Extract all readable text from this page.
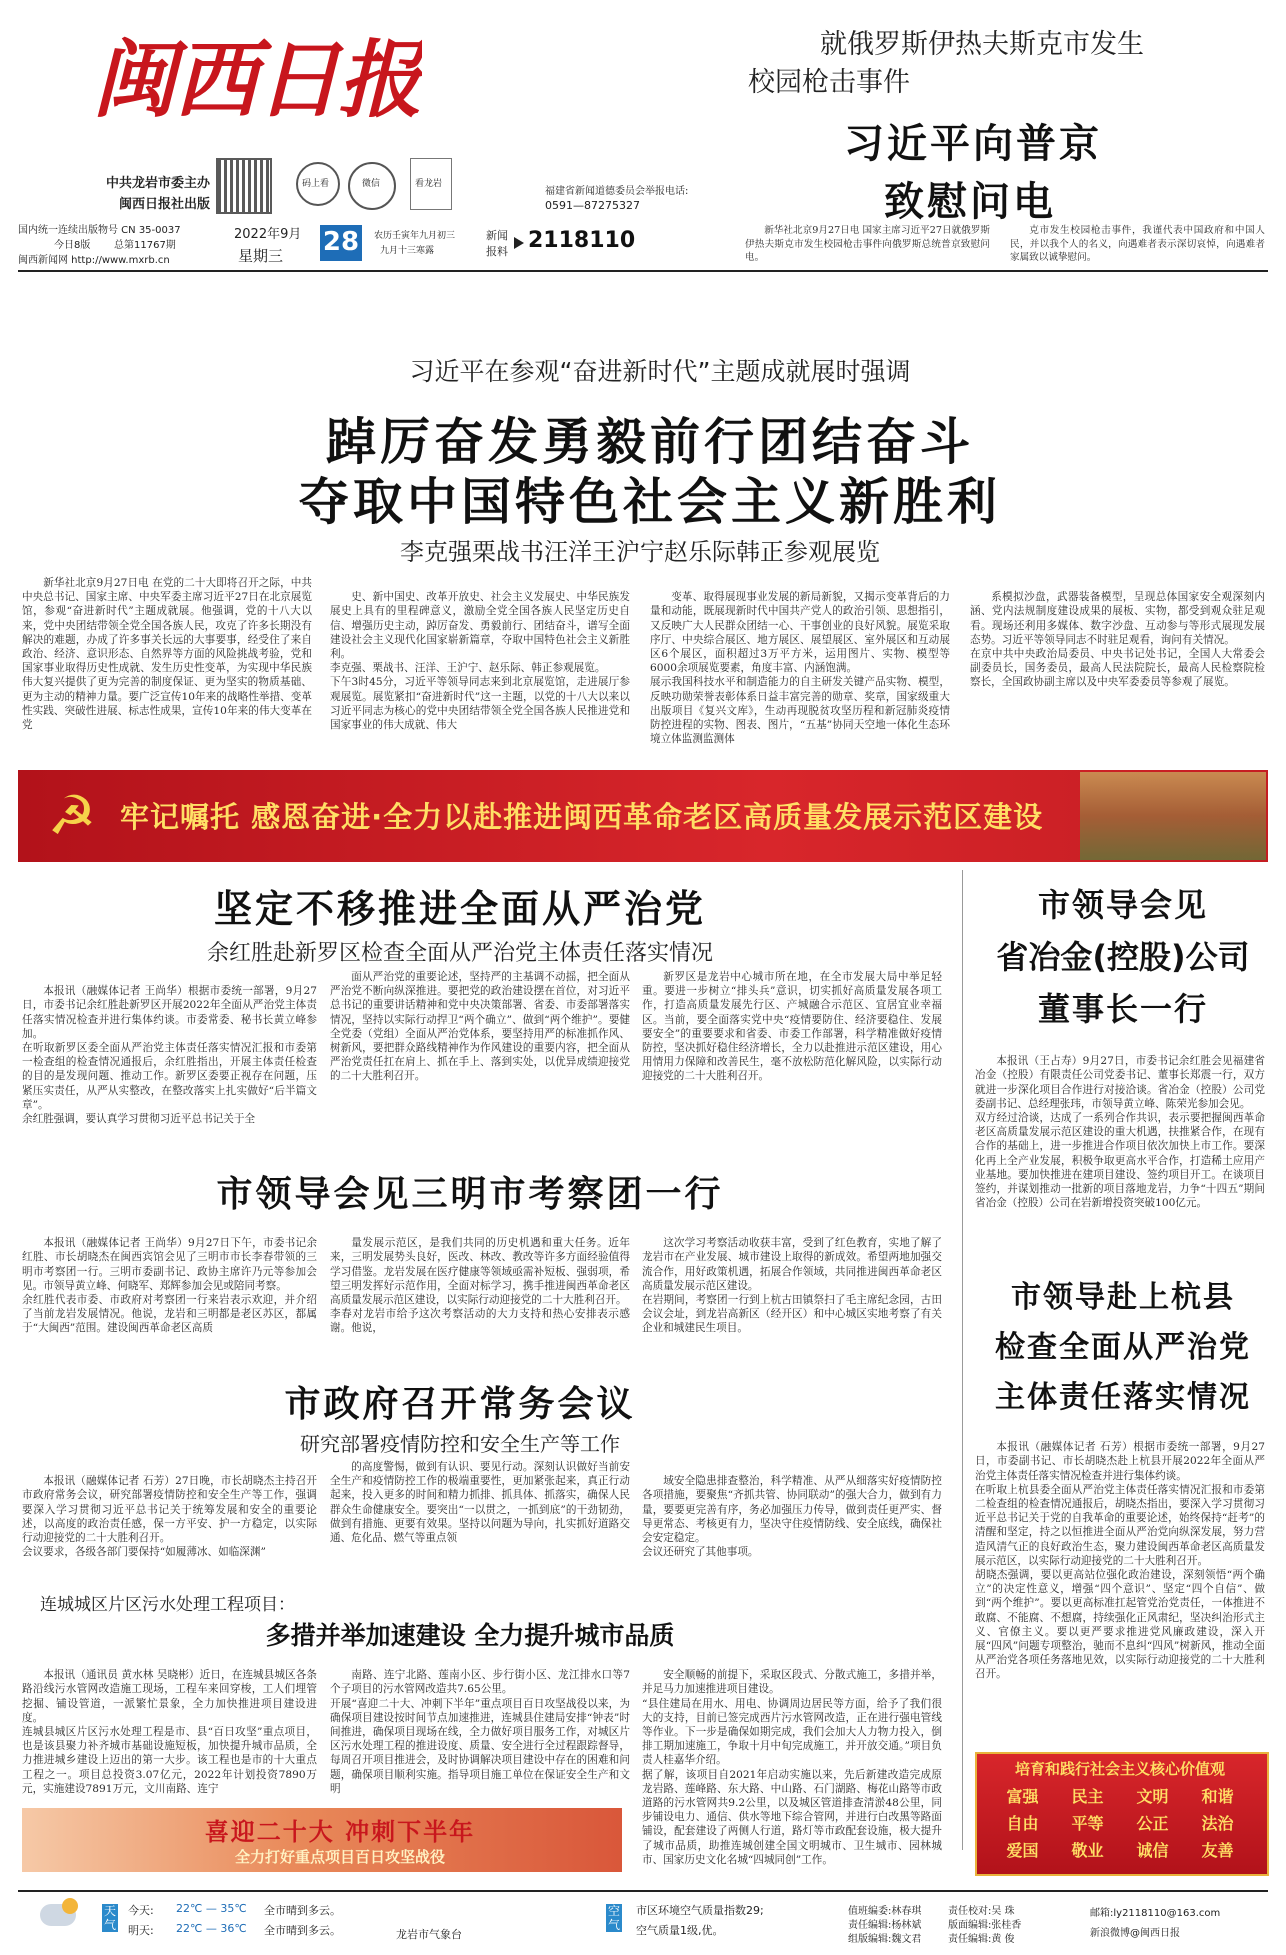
闽西日报
中共龙岩市委主办
闽西日报社出版
码上看	微信	看龙岩
福建省新闻道德委员会举报电话:
0591—87275327
国内统一连续出版物号 CN 35-0037
今日8版 总第11767期
闽西新闻网 http://www.mxrb.cn
2022年9月
星期三 28 农历壬寅年九月初三
九月十三寒露
新闻
报料 2118110
就俄罗斯伊热夫斯克市发生
校园枪击事件
习近平向普京
致慰问电

新华社北京9月27日电 国家主席习近平27日就俄罗斯伊热夫斯克市发生校园枪击事件向俄罗斯总统普京致慰问电。

克市发生校园枪击事件，我谨代表中国政府和中国人民，并以我个人的名义，向遇难者表示深切哀悼，向遇难者家属致以诚挚慰问。

习近平在参观“奋进新时代”主题成就展时强调
踔厉奋发勇毅前行团结奋斗
夺取中国特色社会主义新胜利
李克强栗战书汪洋王沪宁赵乐际韩正参观展览

新华社北京9月27日电 在党的二十大即将召开之际，中共中央总书记、国家主席、中央军委主席习近平27日在北京展览馆，参观“奋进新时代”主题成就展。他强调，党的十八大以来，党中央团结带领全党全国各族人民，攻克了许多长期没有解决的难题，办成了许多事关长远的大事要事，经受住了来自政治、经济、意识形态、自然界等方面的风险挑战考验，党和国家事业取得历史性成就、发生历史性变革，为实现中华民族伟大复兴提供了更为完善的制度保证、更为坚实的物质基础、更为主动的精神力量。要广泛宣传10年来的战略性举措、变革性实践、突破性进展、标志性成果，宣传10年来的伟大变革在党

史、新中国史、改革开放史、社会主义发展史、中华民族发展史上具有的里程碑意义，激励全党全国各族人民坚定历史自信、增强历史主动，踔厉奋发、勇毅前行、团结奋斗，谱写全面建设社会主义现代化国家崭新篇章，夺取中国特色社会主义新胜利。
李克强、栗战书、汪洋、王沪宁、赵乐际、韩正参观展览。
下午3时45分，习近平等领导同志来到北京展览馆，走进展厅参观展览。展览紧扣“奋进新时代”这一主题，以党的十八大以来以习近平同志为核心的党中央团结带领全党全国各族人民推进党和国家事业的伟大成就、伟大

变革、取得展现事业发展的新局新貌，又揭示变革背后的力量和动能，既展现新时代中国共产党人的政治引领、思想指引，又反映广大人民群众团结一心、干事创业的良好风貌。展览采取序厅、中央综合展区、地方展区、展望展区、室外展区和互动展区6个展区，面积超过3万平方米，运用图片、实物、模型等6000余项展览要素，角度丰富、内涵饱满。
展示我国科技水平和制造能力的自主研发关键产品实物、模型，反映功勋荣誉表彰体系日益丰富完善的勋章、奖章，国家级重大出版项目《复兴文库》，生动再现脱贫攻坚历程和新冠肺炎疫情防控进程的实物、图表、图片，“五基”协同天空地一体化生态环境立体监测监测体

系模拟沙盘，武器装备模型，呈现总体国家安全观深刻内涵、党内法规制度建设成果的展板、实物，都受到观众驻足观看。现场还利用多媒体、数字沙盘、互动参与等形式展现发展态势。习近平等领导同志不时驻足观看，询问有关情况。
在京中共中央政治局委员、中央书记处书记，全国人大常委会副委员长，国务委员，最高人民法院院长，最高人民检察院检察长，全国政协副主席以及中央军委委员等参观了展览。

☭ 牢记嘱托 感恩奋进·全力以赴推进闽西革命老区高质量发展示范区建设
坚定不移推进全面从严治党
余红胜赴新罗区检查全面从严治党主体责任落实情况

本报讯（融媒体记者 王尚华）根据市委统一部署，9月27日，市委书记余红胜赴新罗区开展2022年全面从严治党主体责任落实情况检查并进行集体约谈。市委常委、秘书长黄立峰参加。
在听取新罗区委全面从严治党主体责任落实情况汇报和市委第一检查组的检查情况通报后，余红胜指出，开展主体责任检查的目的是发现问题、推动工作。新罗区委要正视存在问题，压紧压实责任，从严从实整改，在整改落实上扎实做好“后半篇文章”。
余红胜强调，要认真学习贯彻习近平总书记关于全

面从严治党的重要论述，坚持严的主基调不动摇，把全面从严治党不断向纵深推进。要把党的政治建设摆在首位，对习近平总书记的重要讲话精神和党中央决策部署、省委、市委部署落实情况，坚持以实际行动捍卫“两个确立”、做到“两个维护”。要健全党委（党组）全面从严治党体系，要坚持用严的标准抓作风、树新风，要把群众路线精神作为作风建设的重要内容，把全面从严治党责任扛在肩上、抓在手上、落到实处，以优异成绩迎接党的二十大胜利召开。

新罗区是龙岩中心城市所在地，在全市发展大局中举足轻重。要进一步树立“排头兵”意识，切实抓好高质量发展各项工作，打造高质量发展先行区、产城融合示范区、宜居宜业幸福区。当前，要全面落实党中央“疫情要防住、经济要稳住、发展要安全”的重要要求和省委、市委工作部署，科学精准做好疫情防控，坚决抓好稳住经济增长，全力以赴推进示范区建设，用心用情用力保障和改善民生，毫不放松防范化解风险，以实际行动迎接党的二十大胜利召开。

市领导会见三明市考察团一行

本报讯（融媒体记者 王尚华）9月27日下午，市委书记余红胜、市长胡晓杰在闽西宾馆会见了三明市市长李春带领的三明市考察团一行。三明市委副书记、政协主席许乃元等参加会见。市领导黄立峰、何晓军、郑辉参加会见或陪同考察。
余红胜代表市委、市政府对考察团一行来岩表示欢迎，并介绍了当前龙岩发展情况。他说，龙岩和三明都是老区苏区，都属于“大闽西”范围。建设闽西革命老区高质

量发展示范区，是我们共同的历史机遇和重大任务。近年来，三明发展势头良好，医改、林改、教改等许多方面经验值得学习借鉴。龙岩发展在医疗健康等领域亟需补短板、强弱项，希望三明发挥好示范作用，全面对标学习，携手推进闽西革命老区高质量发展示范区建设，以实际行动迎接党的二十大胜利召开。
李春对龙岩市给予这次考察活动的大力支持和热心安排表示感谢。他说，

这次学习考察活动收获丰富，受到了红色教育，实地了解了龙岩市在产业发展、城市建设上取得的新成效。希望两地加强交流合作，用好政策机遇，拓展合作领域，共同推进闽西革命老区高质量发展示范区建设。
在岩期间，考察团一行到上杭古田镇祭扫了毛主席纪念园，古田会议会址，到龙岩高新区（经开区）和中心城区实地考察了有关企业和城建民生项目。

市政府召开常务会议
研究部署疫情防控和安全生产等工作

本报讯（融媒体记者 石芳）27日晚，市长胡晓杰主持召开市政府常务会议，研究部署疫情防控和安全生产等工作，强调要深入学习贯彻习近平总书记关于统筹发展和安全的重要论述，以高度的政治责任感，保一方平安、护一方稳定，以实际行动迎接党的二十大胜利召开。
会议要求，各级各部门要保持“如履薄冰、如临深渊”

的高度警惕，做到有认识、要见行动。深刻认识做好当前安全生产和疫情防控工作的极端重要性，更加紧张起来，真正行动起来，投入更多的时间和精力抓排、抓具体、抓落实，确保人民群众生命健康安全。要突出“一以贯之，一抓到底”的干劲韧劲，做到有措施、更要有效果。坚持以问题为导向，扎实抓好道路交通、危化品、燃气等重点领

域安全隐患排查整治，科学精准、从严从细落实好疫情防控各项措施，要聚焦“齐抓共管、协同联动”的强大合力，做到有力量，要要更完善有序，务必加强压力传导，做到责任更严实、督导更常态、考核更有力，坚决守住疫情防线、安全底线，确保社会安定稳定。
会议还研究了其他事项。

连城城区片区污水处理工程项目：
多措并举加速建设 全力提升城市品质

本报讯（通讯员 黄水林 吴晓彬）近日，在连城县城区各条路沿线污水管网改造施工现场，工程车来回穿梭，工人们埋管挖掘、铺设管道，一派繁忙景象，全力加快推进项目建设进度。
连城县城区片区污水处理工程是市、县“百日攻坚”重点项目，也是该县聚力补齐城市基础设施短板，加快提升城市品质，全力推进城乡建设上迈出的第一大步。该工程也是市的十大重点工程之一。项目总投资3.07亿元，2022年计划投资7890万元，实施建设7891万元，文川南路、连宁

南路、连宁北路、莲南小区、步行街小区、龙江排水口等7个子项目的污水管网改造共7.65公里。
开展“喜迎二十大、冲刺下半年”重点项目百日攻坚战役以来，为确保项目建设按时间节点加速推进，连城县住建局安排“钟表”时间推进，确保项目现场在线，全力做好项目服务工作，对城区片区污水处理工程的推进设度、质量、安全进行全过程跟踪督导，每周召开项目推进会，及时协调解决项目建设中存在的困难和问题，确保项目顺利实施。指导项目施工单位在保证安全生产和文明

安全顺畅的前提下，采取区段式、分散式施工，多措并举，并足马力加速推进项目建设。
“县住建局在用水、用电、协调周边居民等方面，给予了我们很大的支持，目前已签完成西片污水管网改造，正在进行强电管线等作业。下一步是确保如期完成，我们会加大人力物力投入，倒排工期加速施工，争取十月中旬完成施工，并开放交通。”项目负责人桂嘉华介绍。
据了解，该项目自2021年启动实施以来，先后新建改造完成原龙岩路、莲峰路、东大路、中山路、石门湖路、梅花山路等市政道路的污水管网共9.2公里，以及城区管道排查清淤48公里，同步铺设电力、通信、供水等地下综合管网，并进行白改黑等路面铺设，配套建设了两侧人行道，路灯等市政配套设施，极大提升了城市品质，助推连城创建全国文明城市、卫生城市、园林城市、国家历史文化名城“四城同创”工作。

喜迎二十大 冲刺下半年
全力打好重点项目百日攻坚战役
市领导会见
省冶金(控股)公司
董事长一行

本报讯（王占寿）9月27日，市委书记余红胜会见福建省冶金（控股）有限责任公司党委书记、董事长郑震一行，双方就进一步深化项目合作进行对接洽谈。省冶金（控股）公司党委副书记、总经理张玮，市领导黄立峰、陈荣光参加会见。
双方经过洽谈，达成了一系列合作共识，表示要把握闽西革命老区高质量发展示范区建设的重大机遇，扶推紧合作，在现有合作的基础上，进一步推进合作项目依次加快上市工作。要深化再上全产业发展，积极争取更高水平合作，打造稀土应用产业基地。要加快推进在建项目建设、签约项目开工。在谈项目签约，并谋划推动一批新的项目落地龙岩，力争“十四五”期间省冶金（控股）公司在岩新增投资突破100亿元。

市领导赴上杭县
检查全面从严治党
主体责任落实情况

本报讯（融媒体记者 石芳）根据市委统一部署，9月27日，市委副书记、市长胡晓杰赴上杭县开展2022年全面从严治党主体责任落实情况检查并进行集体约谈。
在听取上杭县委全面从严治党主体责任落实情况汇报和市委第二检查组的检查情况通报后，胡晓杰指出，要深入学习贯彻习近平总书记关于党的自我革命的重要论述，始终保持“赶考”的清醒和坚定，持之以恒推进全面从严治党向纵深发展，努力营造风清气正的良好政治生态，聚力建设闽西革命老区高质量发展示范区，以实际行动迎接党的二十大胜利召开。
胡晓杰强调，要以更高站位强化政治建设，深刻领悟“两个确立”的决定性意义，增强“四个意识”、坚定“四个自信”、做到“两个维护”。要以更高标准扛起管党治党责任，一体推进不敢腐、不能腐、不想腐，持续强化正风肃纪，坚决纠治形式主义、官僚主义。要以更严要求推进党风廉政建设，深入开展“四风”问题专项整治，驰而不息纠“四风”树新风，推动全面从严治党各项任务落地见效，以实际行动迎接党的二十大胜利召开。

培育和践行社会主义核心价值观
富强	民主	文明	和谐
自由	平等	公正	法治
爱国	敬业	诚信	友善
天气
今天: 22℃ — 35℃ 全市晴到多云。
明天: 22℃ — 36℃ 全市晴到多云。	龙岩市气象台
空气
市区环境空气质量指数29;
空气质量1级,优。
值班编委:林春琪
责任编辑:杨林斌
责任校对:吴 珠
版面编辑:张桂香
责任编辑:黄 俊
组版编辑:魏文君
邮箱:ly2118110@163.com
新浪微博@闽西日报
